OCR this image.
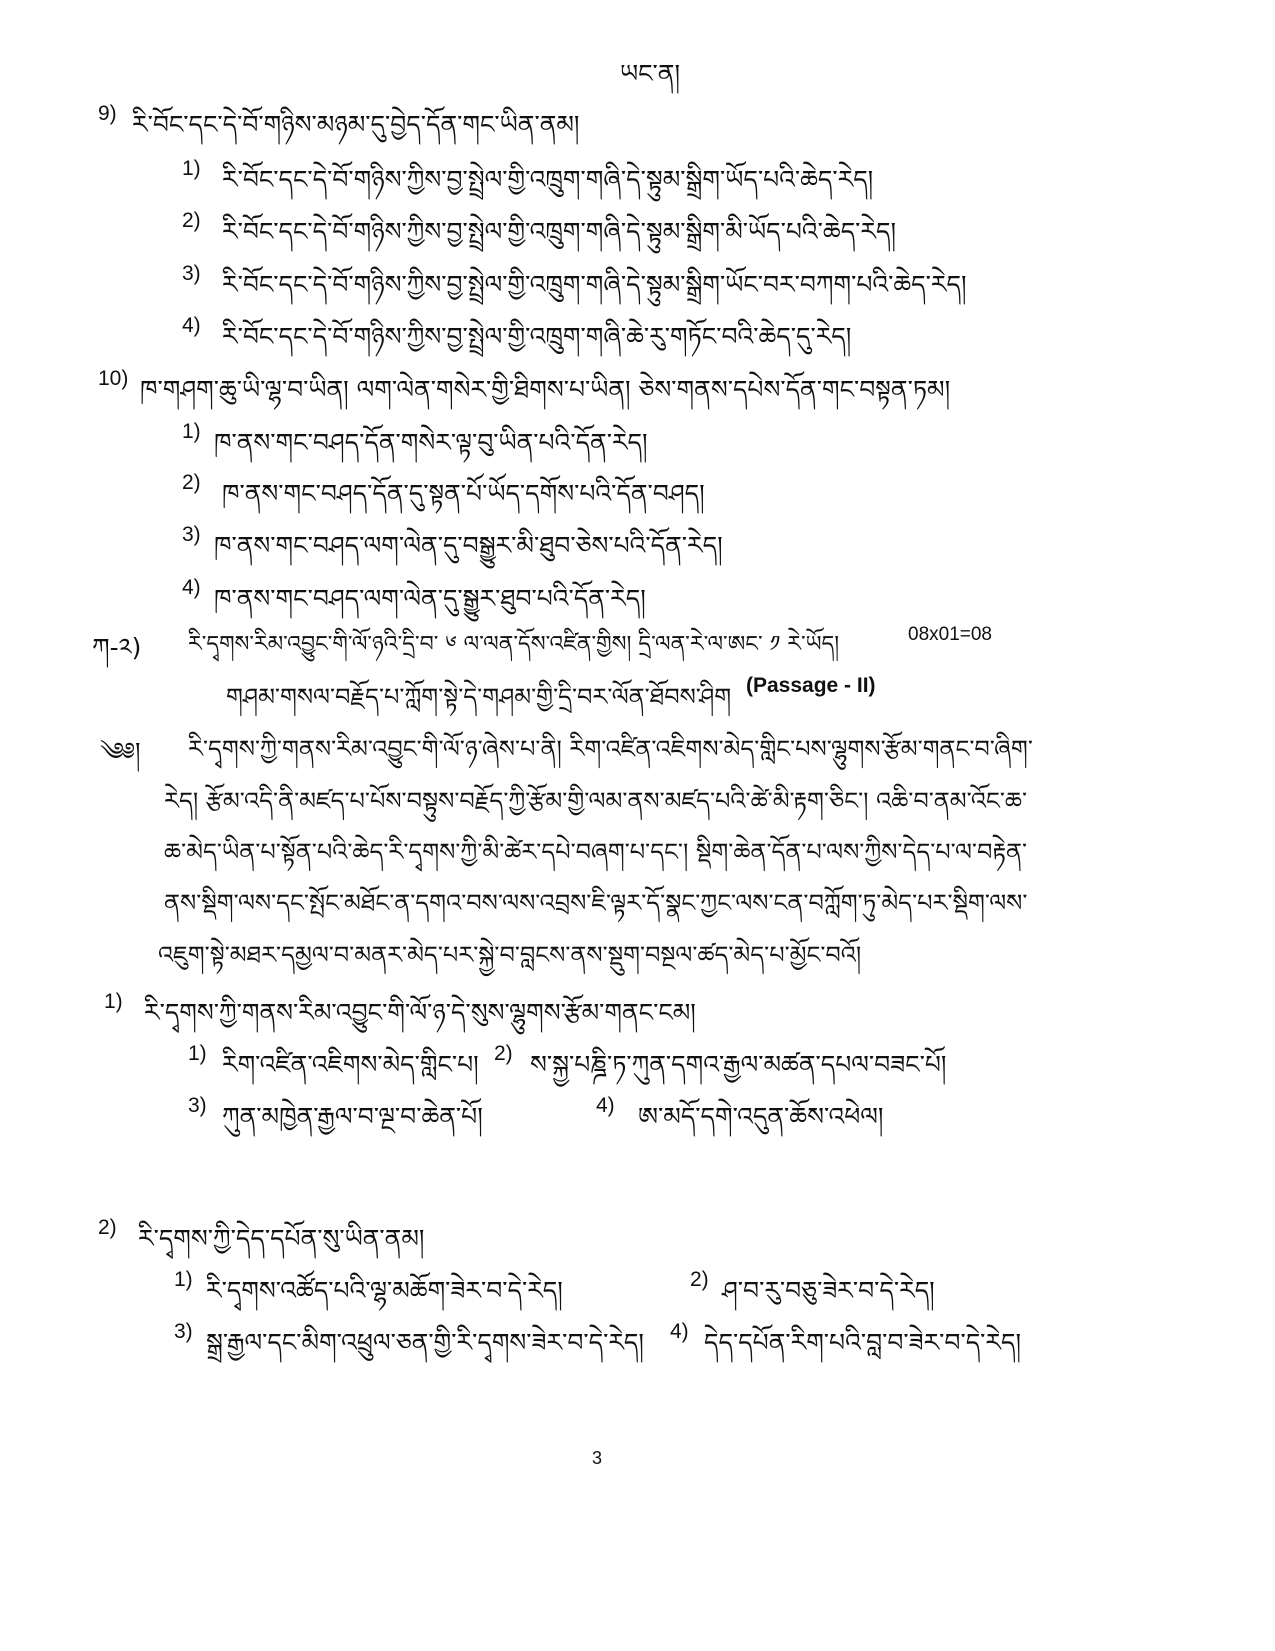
ཡང་ན།
9) རི་བོང་དང་དེ་བོ་གཉིས་མཉམ་དུ་བྱེད་དོན་གང་ཡིན་ནམ།
1) རི་བོང་དང་དེ་བོ་གཉིས་ཀྱིས་བྱ་སྤྲེལ་གྱི་འཁྲུག་གཞི་དེ་སྟུམ་སྒྲིག་ཡོད་པའི་ཆེད་རེད།
2) རི་བོང་དང་དེ་བོ་གཉིས་ཀྱིས་བྱ་སྤྲེལ་གྱི་འཁྲུག་གཞི་དེ་སྟུམ་སྒྲིག་མི་ཡོད་པའི་ཆེད་རེད།
3) རི་བོང་དང་དེ་བོ་གཉིས་ཀྱིས་བྱ་སྤྲེལ་གྱི་འཁྲུག་གཞི་དེ་སྟུམ་སྒྲིག་ཡོང་བར་བཀག་པའི་ཆེད་རེད།
4) རི་བོང་དང་དེ་བོ་གཉིས་ཀྱིས་བྱ་སྤྲེལ་གྱི་འཁྲུག་གཞི་ཆེ་རུ་གཏོང་བའི་ཆེད་དུ་རེད།
10) ཁ་གཤག་ཆུ་ཡི་ལྷ་བ་ཡིན། ལག་ལེན་གསེར་གྱི་ཐིགས་པ་ཡིན། ཅེས་གནས་དཔེས་དོན་གང་བསྟན་ཏམ།
1) ཁ་ནས་གང་བཤད་དོན་གསེར་ལྟ་བུ་ཡིན་པའི་དོན་རེད།
2) ཁ་ནས་གང་བཤད་དོན་དུ་སྟན་པོ་ཡོད་དགོས་པའི་དོན་བཤད།
3) ཁ་ནས་གང་བཤད་ལག་ལེན་དུ་བསྒྱུར་མི་ཐུབ་ཅེས་པའི་དོན་རེད།
4) ཁ་ནས་གང་བཤད་ལག་ལེན་དུ་སྒྱུར་ཐུབ་པའི་དོན་རེད།
ཀ-༢) རི་དྭགས་རིམ་འབྱུང་གི་ལོ་ཉའི་དྲི་བ་ ༦ ལ་ལན་དོས་འཛིན་གྱིས། དྲི་ལན་རེ་ལ་ཨང་ ༡ རེ་ཡོད།	08x01=08
གཤམ་གསལ་བརྗོད་པ་ཀློག་སྟེ་དེ་གཤམ་གྱི་དྲི་བར་ལོན་ཐོབས་ཤིག (Passage - II)
༄༅། རི་དྭགས་ཀྱི་གནས་རིམ་འབྱུང་གི་ལོ་ཉ་ཞེས་པ་ནི། རིག་འཛིན་འཇིགས་མེད་གླིང་པས་ལྷུགས་རྩོམ་གནང་བ་ཞིག་
རེད། རྩོམ་འདི་ནི་མཛད་པ་པོས་བསྟུས་བརྗོད་ཀྱི་རྩོམ་གྱི་ལམ་ནས་མཛད་པའི་ཚེ་མི་རྟག་ཅིང་། འཆི་བ་ནམ་འོང་ཆ་
ཆ་མེད་ཡིན་པ་སྟོན་པའི་ཆེད་རི་དྭགས་ཀྱི་མི་ཚེར་དཔེ་བཞག་པ་དང་། སྡིག་ཆེན་དོན་པ་ལས་ཀྱིས་དེད་པ་ལ་བརྟེན་
ནས་སྡིག་ལས་དང་སྤོང་མཐོང་ན་དགའ་བས་ལས་འབྲས་ཇི་ལྟར་དོ་སྣང་ཀྱང་ལས་ངན་བཀློག་ཏུ་མེད་པར་སྡིག་ལས་
འཇུག་སྟེ་མཐར་དམྱལ་བ་མནར་མེད་པར་སྐྱེ་བ་བླངས་ནས་སྡུག་བསྔལ་ཚད་མེད་པ་མྱོང་བའོ།
1) རི་དྭགས་ཀྱི་གནས་རིམ་འབྱུང་གི་ལོ་ཉ་དེ་སུས་ལྷུགས་རྩོམ་གནང་ངམ།
1) རིག་འཛིན་འཇིགས་མེད་གླིང་པ། 2) ས་སྐྱ་པཎྜི་ཏ་ཀུན་དགའ་རྒྱལ་མཚན་དཔལ་བཟང་པོ།
3) ཀུན་མཁྱེན་རྒྱལ་བ་ལྔ་བ་ཆེན་པོ།	4) ཨ་མདོ་དགེ་འདུན་ཆོས་འཕེལ།
2) རི་དྭགས་ཀྱི་དེད་དཔོན་སུ་ཡིན་ནམ།
1) རི་དྭགས་འཚོད་པའི་ལྷ་མཆོག་ཟེར་བ་དེ་རེད།	2) ཤ་བ་རུ་བཅུ་ཟེར་བ་དེ་རེད།
3) སྒྲ་རྒྱལ་དང་མིག་འཕྲུལ་ཅན་གྱི་རི་དྭགས་ཟེར་བ་དེ་རེད། 4) དེད་དཔོན་རིག་པའི་བླ་བ་ཟེར་བ་དེ་རེད།
3
